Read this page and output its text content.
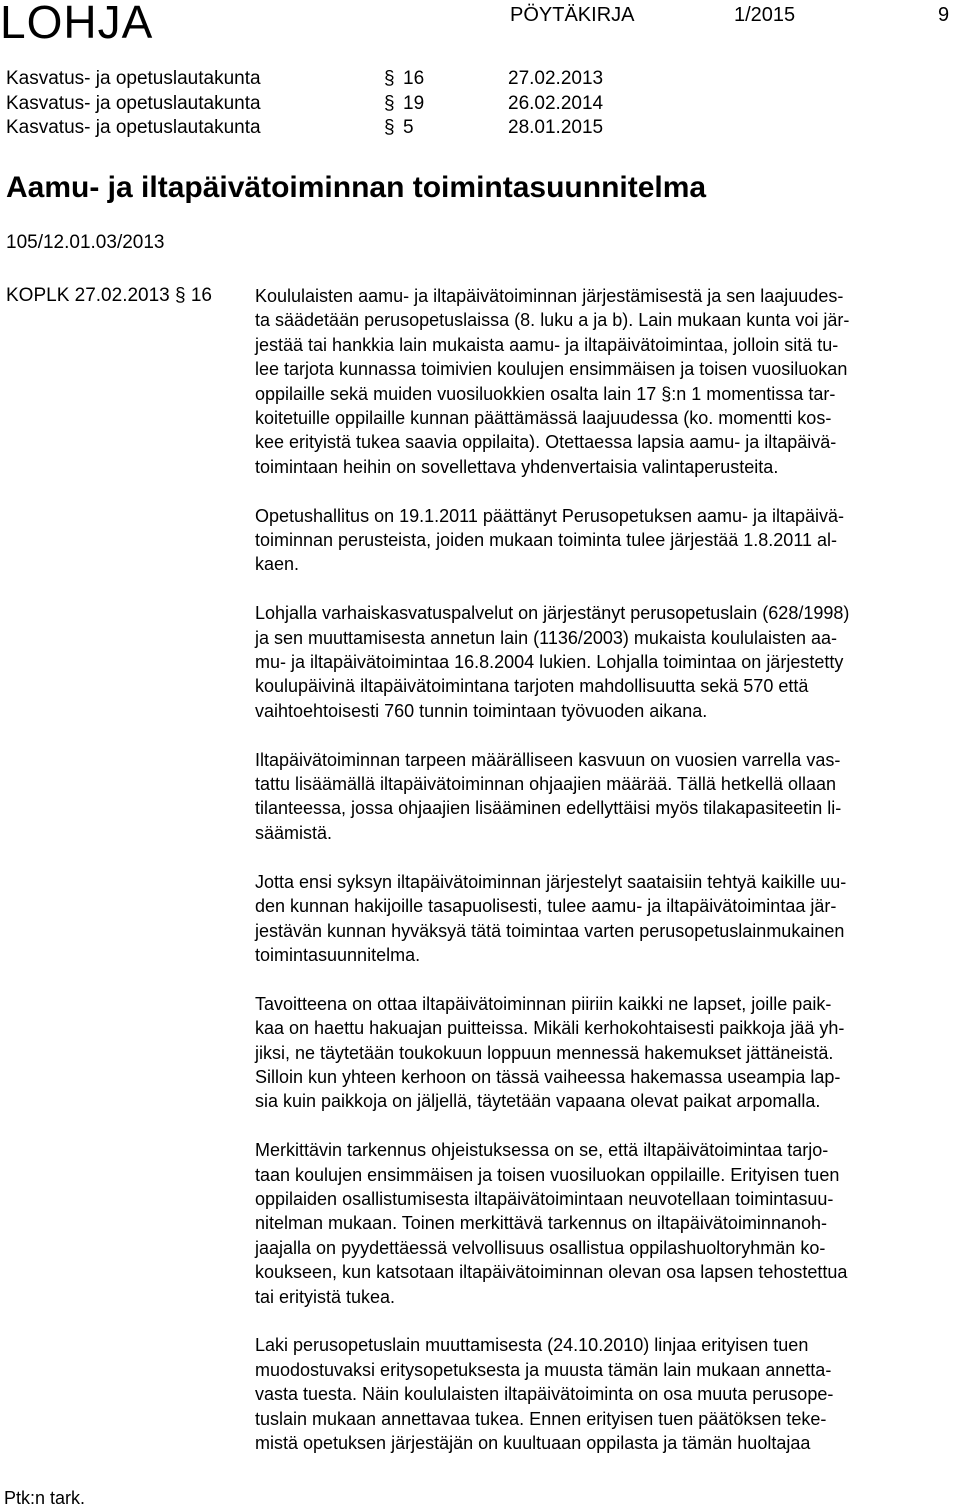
LOHJA	PÖYTÄKIRJA	1/2015	9
Kasvatus- ja opetuslautakunta	§ 16	27.02.2013
Kasvatus- ja opetuslautakunta	§ 19	26.02.2014
Kasvatus- ja opetuslautakunta	§ 5	28.01.2015
Aamu- ja iltapäivätoiminnan toimintasuunnitelma
105/12.01.03/2013
KOPLK 27.02.2013 § 16 Koululaisten aamu- ja iltapäivätoiminnan järjestämisestä ja sen laajuudes-
ta säädetään perusopetuslaissa (8. luku a ja b). Lain mukaan kunta voi jär-
jestää tai hankkia lain mukaista aamu- ja iltapäivätoimintaa, jolloin sitä tu-
lee tarjota kunnassa toimivien koulujen ensimmäisen ja toisen vuosiluokan
oppilaille sekä muiden vuosiluokkien osalta lain 17 §:n 1 momentissa tar-
koitetuille oppilaille kunnan päättämässä laajuudessa (ko. momentti kos-
kee erityistä tukea saavia oppilaita). Otettaessa lapsia aamu- ja iltapäivä-
toimintaan heihin on sovellettava yhdenvertaisia valintaperusteita.

Opetushallitus on 19.1.2011 päättänyt Perusopetuksen aamu- ja iltapäivä-
toiminnan perusteista, joiden mukaan toiminta tulee järjestää 1.8.2011 al-
kaen.

Lohjalla varhaiskasvatuspalvelut on järjestänyt perusopetuslain (628/1998)
ja sen muuttamisesta annetun lain (1136/2003) mukaista koululaisten aa-
mu- ja iltapäivätoimintaa 16.8.2004 lukien. Lohjalla toimintaa on järjestetty
koulupäivinä iltapäivätoimintana tarjoten mahdollisuutta sekä 570 että
vaihtoehtoisesti 760 tunnin toimintaan työvuoden aikana.

Iltapäivätoiminnan tarpeen määrälliseen kasvuun on vuosien varrella vas-
tattu lisäämällä iltapäivätoiminnan ohjaajien määrää. Tällä hetkellä ollaan
tilanteessa, jossa ohjaajien lisääminen edellyttäisi myös tilakapasiteetin li-
säämistä.

Jotta ensi syksyn iltapäivätoiminnan järjestelyt saataisiin tehtyä kaikille uu-
den kunnan hakijoille tasapuolisesti, tulee aamu- ja iltapäivätoimintaa jär-
jestävän kunnan hyväksyä tätä toimintaa varten perusopetuslainmukainen
toimintasuunnitelma.

Tavoitteena on ottaa iltapäivätoiminnan piiriin kaikki ne lapset, joille paik-
kaa on haettu hakuajan puitteissa. Mikäli kerhokohtaisesti paikkoja jää yh-
jiksi, ne täytetään toukokuun loppuun mennessä hakemukset jättäneistä.
Silloin kun yhteen kerhoon on tässä vaiheessa hakemassa useampia lap-
sia kuin paikkoja on jäljellä, täytetään vapaana olevat paikat arpomalla.

Merkittävin tarkennus ohjeistuksessa on se, että iltapäivätoimintaa tarjo-
taan koulujen ensimmäisen ja toisen vuosiluokan oppilaille. Erityisen tuen
oppilaiden osallistumisesta iltapäivätoimintaan neuvotellaan toimintasuu-
nitelman mukaan. Toinen merkittävä tarkennus on iltapäivätoiminnanoh-
jaajalla on pyydettäessä velvollisuus osallistua oppilashuoltoryhmän ko-
koukseen, kun katsotaan iltapäivätoiminnan olevan osa lapsen tehostettua
tai erityistä tukea.

Laki perusopetuslain muuttamisesta (24.10.2010) linjaa erityisen tuen
muodostuvaksi eritysopetuksesta ja muusta tämän lain mukaan annetta-
vasta tuesta. Näin koululaisten iltapäivätoiminta on osa muuta perusope-
tuslain mukaan annettavaa tukea. Ennen erityisen tuen päätöksen teke-
mistä opetuksen järjestäjän on kuultuaan oppilasta ja tämän huoltajaa

Ptk:n tark.
